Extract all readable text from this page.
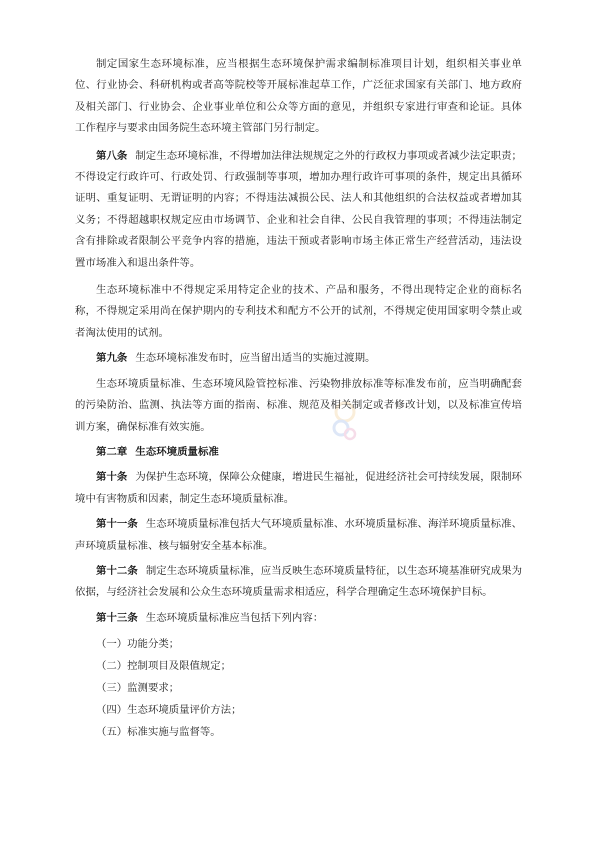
制定国家生态环境标准，应当根据生态环境保护需求编制标准项目计划，组织相关事业单位、行业协会、科研机构或者高等院校等开展标准起草工作，广泛征求国家有关部门、地方政府及相关部门、行业协会、企业事业单位和公众等方面的意见，并组织专家进行审查和论证。具体工作程序与要求由国务院生态环境主管部门另行制定。

第八条 制定生态环境标准，不得增加法律法规规定之外的行政权力事项或者减少法定职责；不得设定行政许可、行政处罚、行政强制等事项，增加办理行政许可事项的条件，规定出具循环证明、重复证明、无谓证明的内容；不得违法减损公民、法人和其他组织的合法权益或者增加其义务；不得超越职权规定应由市场调节、企业和社会自律、公民自我管理的事项；不得违法制定含有排除或者限制公平竞争内容的措施，违法干预或者影响市场主体正常生产经营活动，违法设置市场准入和退出条件等。

生态环境标准中不得规定采用特定企业的技术、产品和服务，不得出现特定企业的商标名称，不得规定采用尚在保护期内的专利技术和配方不公开的试剂，不得规定使用国家明令禁止或者淘汰使用的试剂。

第九条 生态环境标准发布时，应当留出适当的实施过渡期。

生态环境质量标准、生态环境风险管控标准、污染物排放标准等标准发布前，应当明确配套的污染防治、监测、执法等方面的指南、标准、规范及相关制定或者修改计划，以及标准宣传培训方案，确保标准有效实施。

第二章 生态环境质量标准

第十条 为保护生态环境，保障公众健康，增进民生福祉，促进经济社会可持续发展，限制环境中有害物质和因素，制定生态环境质量标准。

第十一条 生态环境质量标准包括大气环境质量标准、水环境质量标准、海洋环境质量标准、声环境质量标准、核与辐射安全基本标准。

第十二条 制定生态环境质量标准，应当反映生态环境质量特征，以生态环境基准研究成果为依据，与经济社会发展和公众生态环境质量需求相适应，科学合理确定生态环境保护目标。

第十三条 生态环境质量标准应当包括下列内容：

（一）功能分类；

（二）控制项目及限值规定；

（三）监测要求；

（四）生态环境质量评价方法；

（五）标准实施与监督等。
